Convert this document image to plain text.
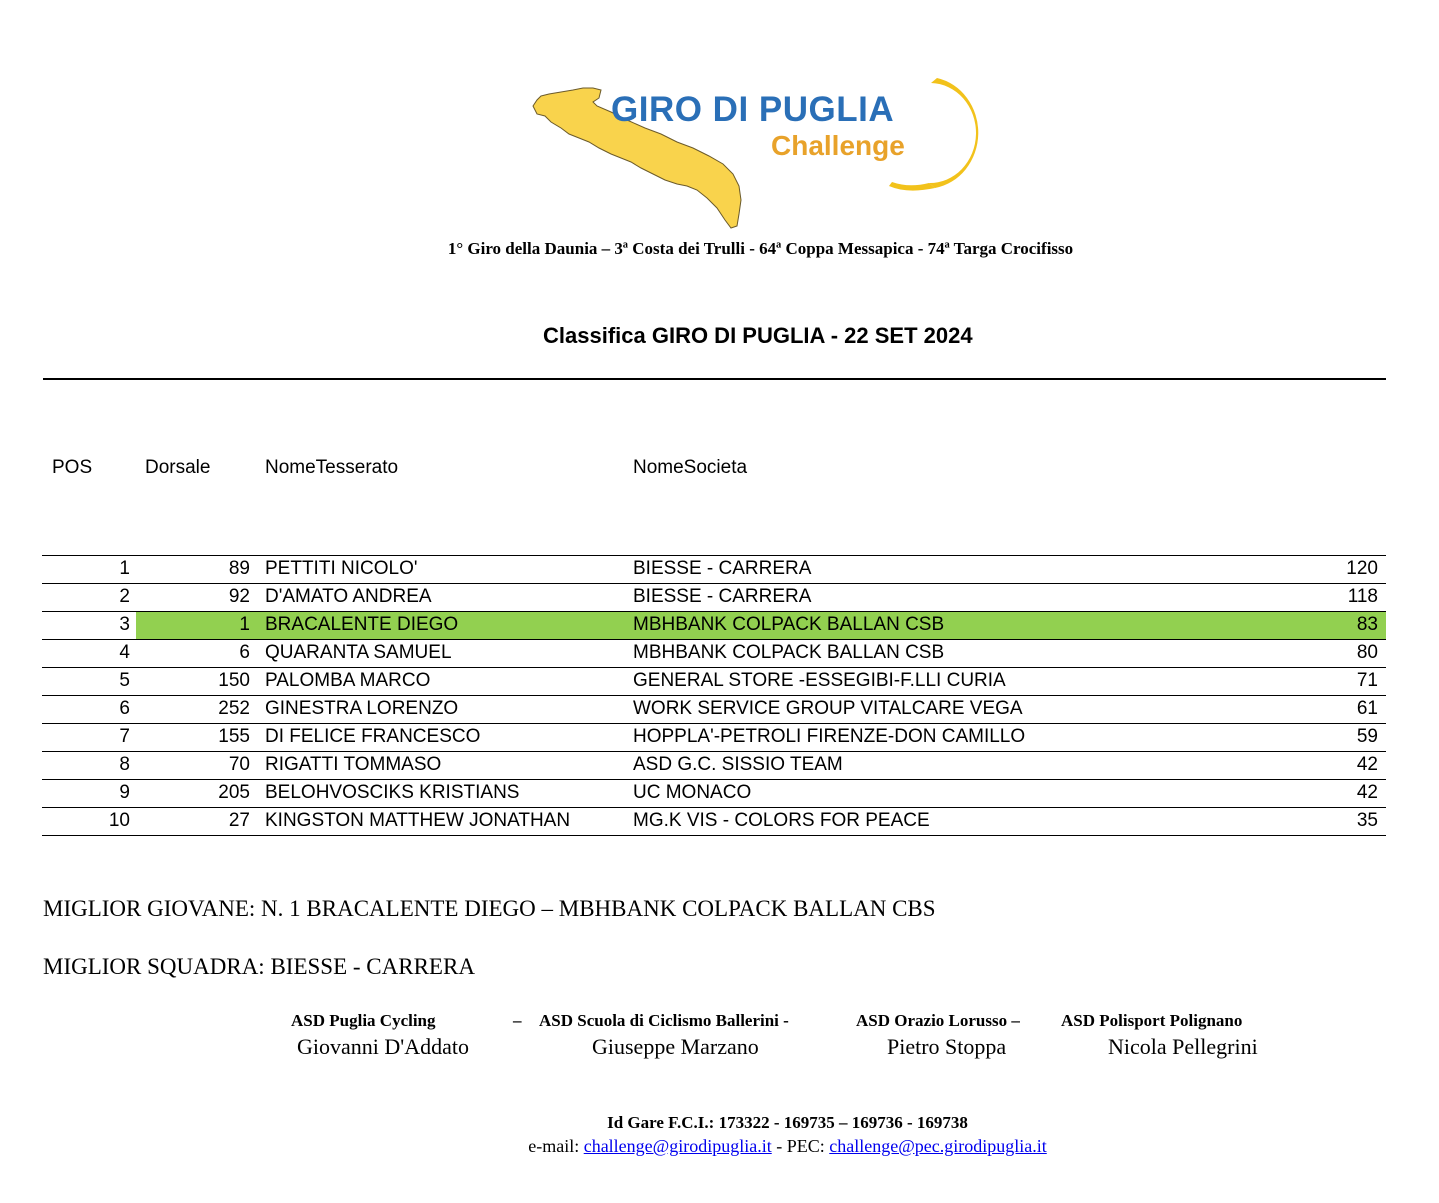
GIRO DI PUGLIA
Challenge
1° Giro della Daunia – 3ª Costa dei Trulli - 64ª Coppa Messapica - 74ª Targa Crocifisso
Classifica GIRO DI PUGLIA - 22 SET 2024
POS	Dorsale	NomeTesserato	NomeSocieta
1	89 PETTITI NICOLO'	BIESSE - CARRERA	120
2	92 D'AMATO ANDREA	BIESSE - CARRERA	118
3	1 BRACALENTE DIEGO	MBHBANK COLPACK BALLAN CSB	83
4	6 QUARANTA SAMUEL	MBHBANK COLPACK BALLAN CSB	80
5	150 PALOMBA MARCO	GENERAL STORE -ESSEGIBI-F.LLI CURIA	71
6	252 GINESTRA LORENZO	WORK SERVICE GROUP VITALCARE VEGA	61
7	155 DI FELICE FRANCESCO	HOPPLA'-PETROLI FIRENZE-DON CAMILLO	59
8	70 RIGATTI TOMMASO	ASD G.C. SISSIO TEAM	42
9	205 BELOHVOSCIKS KRISTIANS	UC MONACO	42
10	27 KINGSTON MATTHEW JONATHAN	MG.K VIS - COLORS FOR PEACE	35
MIGLIOR GIOVANE: N. 1 BRACALENTE DIEGO – MBHBANK COLPACK BALLAN CBS
MIGLIOR SQUADRA: BIESSE - CARRERA
ASD Puglia Cycling	– ASD Scuola di Ciclismo Ballerini -	ASD Orazio Lorusso – ASD Polisport Polignano
Giovanni D'Addato	Giuseppe Marzano	Pietro Stoppa	Nicola Pellegrini
Id Gare F.C.I.: 173322 - 169735 – 169736 - 169738
e-mail: challenge@girodipuglia.it - PEC: challenge@pec.girodipuglia.it
